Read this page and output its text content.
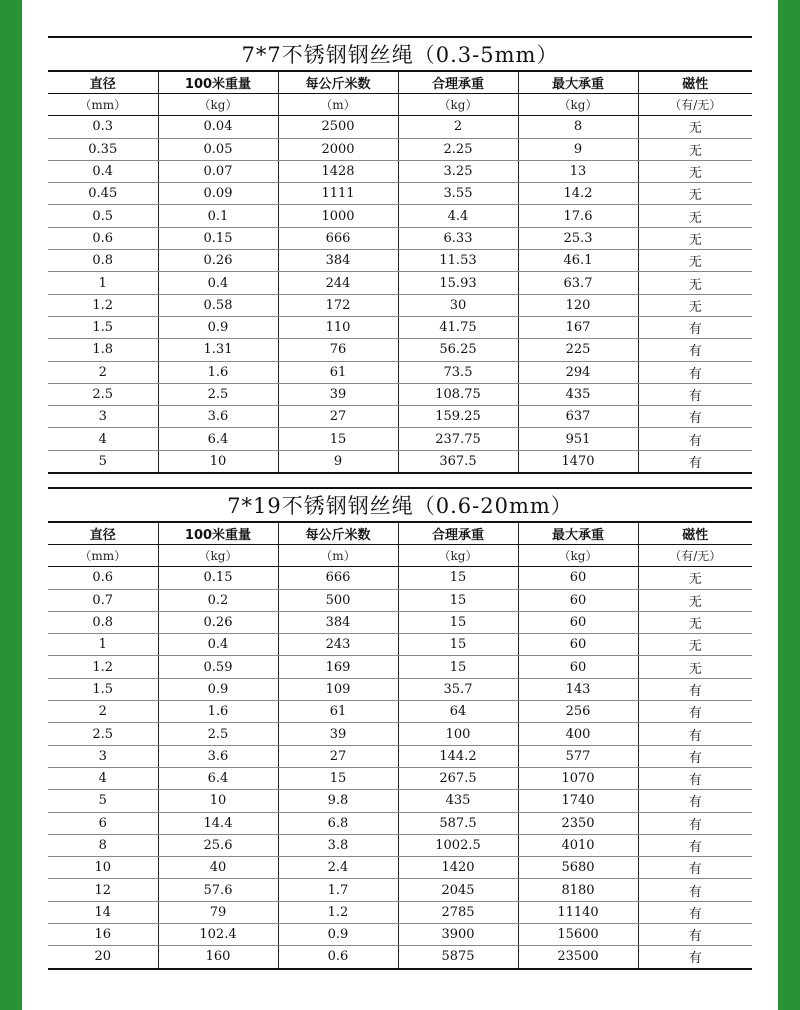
7*7不锈钢钢丝绳（0.3-5mm）
直径	100米重量	每公斤米数	合理承重	最大承重	磁性
（mm）	（kg）	（m）	（kg）	（kg）	（有/无）
0.3	0.04	2500	2	8	无
0.35	0.05	2000	2.25	9	无
0.4	0.07	1428	3.25	13	无
0.45	0.09	1111	3.55	14.2	无
0.5	0.1	1000	4.4	17.6	无
0.6	0.15	666	6.33	25.3	无
0.8	0.26	384	11.53	46.1	无
1	0.4	244	15.93	63.7	无
1.2	0.58	172	30	120	无
1.5	0.9	110	41.75	167	有
1.8	1.31	76	56.25	225	有
2	1.6	61	73.5	294	有
2.5	2.5	39	108.75	435	有
3	3.6	27	159.25	637	有
4	6.4	15	237.75	951	有
5	10	9	367.5	1470	有
7*19不锈钢钢丝绳（0.6-20mm）
直径	100米重量	每公斤米数	合理承重	最大承重	磁性
（mm）	（kg）	（m）	（kg）	（kg）	（有/无）
0.6	0.15	666	15	60	无
0.7	0.2	500	15	60	无
0.8	0.26	384	15	60	无
1	0.4	243	15	60	无
1.2	0.59	169	15	60	无
1.5	0.9	109	35.7	143	有
2	1.6	61	64	256	有
2.5	2.5	39	100	400	有
3	3.6	27	144.2	577	有
4	6.4	15	267.5	1070	有
5	10	9.8	435	1740	有
6	14.4	6.8	587.5	2350	有
8	25.6	3.8	1002.5	4010	有
10	40	2.4	1420	5680	有
12	57.6	1.7	2045	8180	有
14	79	1.2	2785	11140	有
16	102.4	0.9	3900	15600	有
20	160	0.6	5875	23500	有
